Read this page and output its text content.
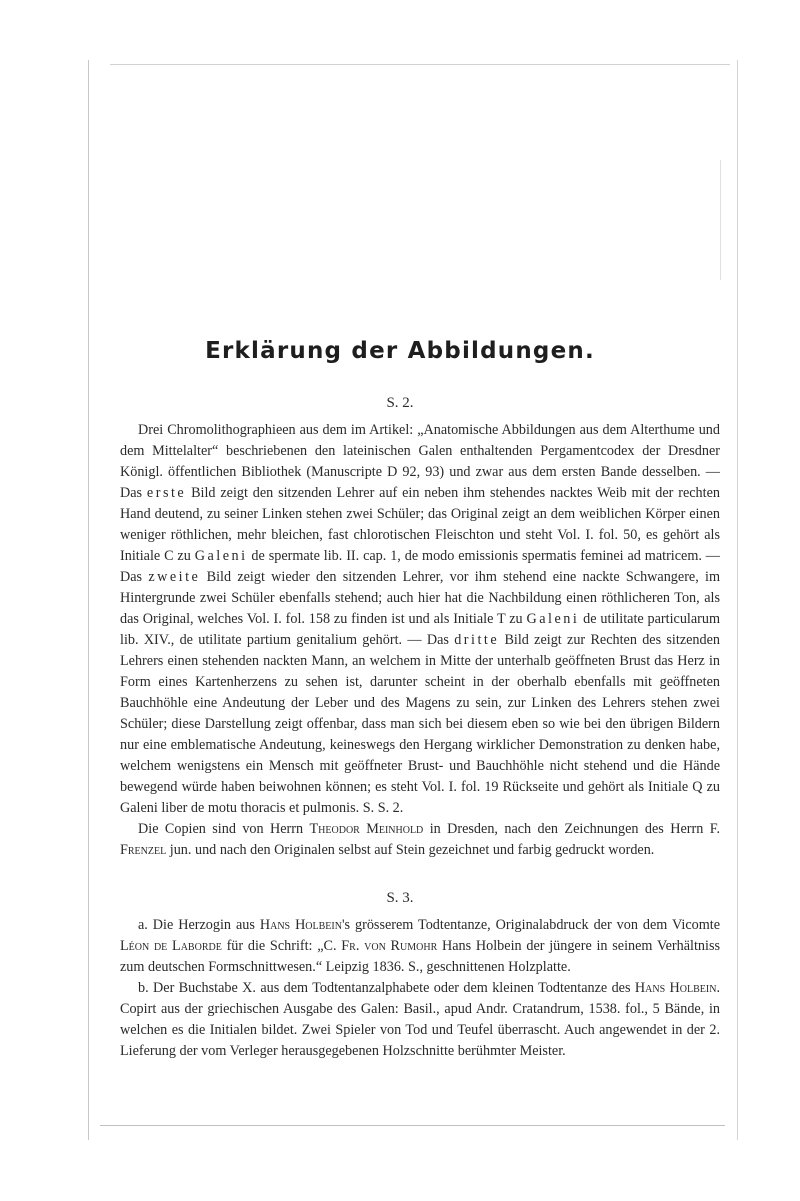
Erklärung der Abbildungen.
S. 2.

Drei Chromolithographieen aus dem im Artikel: „Anatomische Abbildungen aus dem Alterthume und dem Mittelalter“ beschriebenen den lateinischen Galen enthaltenden Pergamentcodex der Dresdner Königl. öffentlichen Bibliothek (Manuscripte D 92, 93) und zwar aus dem ersten Bande desselben. — Das erste Bild zeigt den sitzenden Lehrer auf ein neben ihm stehendes nacktes Weib mit der rechten Hand deutend, zu seiner Linken stehen zwei Schüler; das Original zeigt an dem weiblichen Körper einen weniger röthlichen, mehr bleichen, fast chlorotischen Fleischton und steht Vol. I. fol. 50, es gehört als Initiale C zu Galeni de spermate lib. II. cap. 1, de modo emissionis spermatis feminei ad matricem. — Das zweite Bild zeigt wieder den sitzenden Lehrer, vor ihm stehend eine nackte Schwangere, im Hintergrunde zwei Schüler ebenfalls stehend; auch hier hat die Nachbildung einen röthlicheren Ton, als das Original, welches Vol. I. fol. 158 zu finden ist und als Initiale T zu Galeni de utilitate particularum lib. XIV., de utilitate partium genitalium gehört. — Das dritte Bild zeigt zur Rechten des sitzenden Lehrers einen stehenden nackten Mann, an welchem in Mitte der unterhalb geöffneten Brust das Herz in Form eines Kartenherzens zu sehen ist, darunter scheint in der oberhalb ebenfalls mit geöffneten Bauchhöhle eine Andeutung der Leber und des Magens zu sein, zur Linken des Lehrers stehen zwei Schüler; diese Darstellung zeigt offenbar, dass man sich bei diesem eben so wie bei den übrigen Bildern nur eine emblematische Andeutung, keineswegs den Hergang wirklicher Demonstration zu denken habe, welchem wenigstens ein Mensch mit geöffneter Brust- und Bauchhöhle nicht stehend und die Hände bewegend würde haben beiwohnen können; es steht Vol. I. fol. 19 Rückseite und gehört als Initiale Q zu Galeni liber de motu thoracis et pulmonis. S. S. 2.

Die Copien sind von Herrn Theodor Meinhold in Dresden, nach den Zeichnungen des Herrn F. Frenzel jun. und nach den Originalen selbst auf Stein gezeichnet und farbig gedruckt worden.

S. 3.

a. Die Herzogin aus Hans Holbein's grösserem Todtentanze, Originalabdruck der von dem Vicomte Léon de Laborde für die Schrift: „C. Fr. von Rumohr Hans Holbein der jüngere in seinem Verhältniss zum deutschen Formschnittwesen.“ Leipzig 1836. S., geschnittenen Holzplatte.

b. Der Buchstabe X. aus dem Todtentanzalphabete oder dem kleinen Todtentanze des Hans Holbein. Copirt aus der griechischen Ausgabe des Galen: Basil., apud Andr. Cratandrum, 1538. fol., 5 Bände, in welchen es die Initialen bildet. Zwei Spieler von Tod und Teufel überrascht. Auch angewendet in der 2. Lieferung der vom Verleger herausgegebenen Holzschnitte berühmter Meister.
